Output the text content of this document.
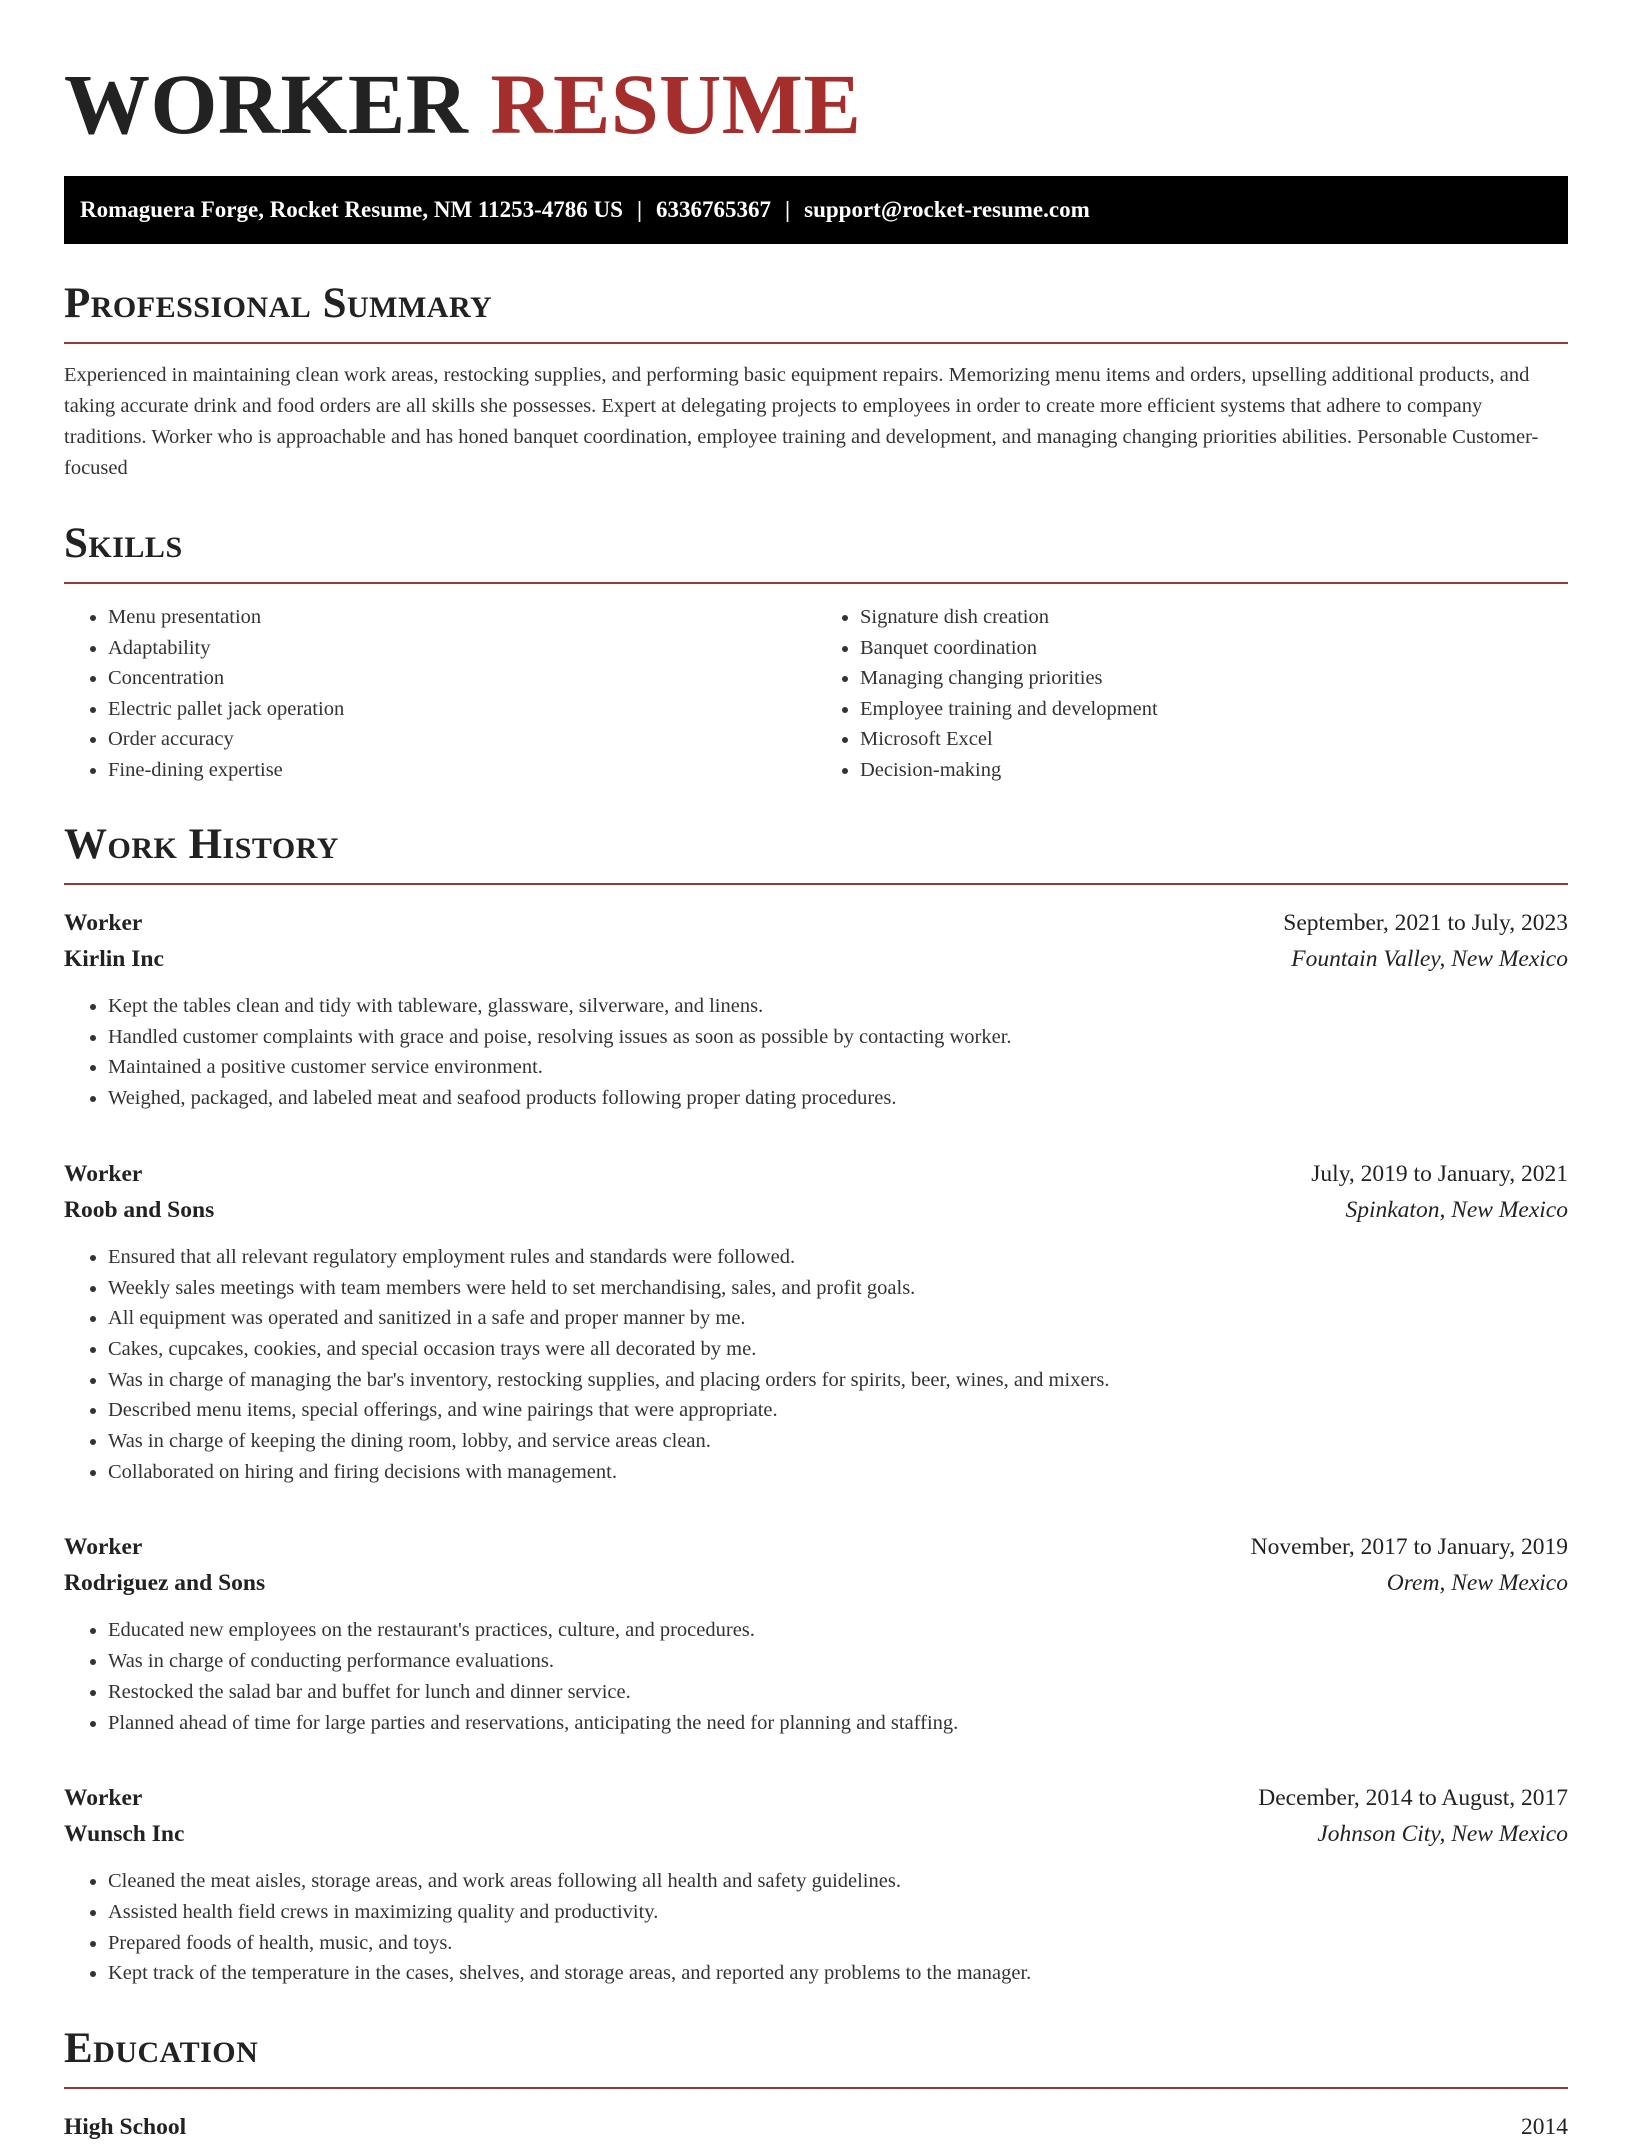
WORKER RESUME
Romaguera Forge, Rocket Resume, NM 11253-4786 US | 6336765367 | support@rocket-resume.com
Professional Summary

Experienced in maintaining clean work areas, restocking supplies, and performing basic equipment repairs. Memorizing menu items and orders, upselling additional products, and taking accurate drink and food orders are all skills she possesses. Expert at delegating projects to employees in order to create more efficient systems that adhere to company traditions. Worker who is approachable and has honed banquet coordination, employee training and development, and managing changing priorities abilities. Personable Customer-focused

Skills
• Menu presentation
• Adaptability
• Concentration
• Electric pallet jack operation
• Order accuracy
• Fine-dining expertise
• Signature dish creation
• Banquet coordination
• Managing changing priorities
• Employee training and development
• Microsoft Excel
• Decision-making
Work History
Worker	September, 2021 to July, 2023
Kirlin Inc	Fountain Valley, New Mexico
• Kept the tables clean and tidy with tableware, glassware, silverware, and linens.
• Handled customer complaints with grace and poise, resolving issues as soon as possible by contacting worker.
• Maintained a positive customer service environment.
• Weighed, packaged, and labeled meat and seafood products following proper dating procedures.
Worker	July, 2019 to January, 2021
Roob and Sons	Spinkaton, New Mexico
• Ensured that all relevant regulatory employment rules and standards were followed.
• Weekly sales meetings with team members were held to set merchandising, sales, and profit goals.
• All equipment was operated and sanitized in a safe and proper manner by me.
• Cakes, cupcakes, cookies, and special occasion trays were all decorated by me.
• Was in charge of managing the bar's inventory, restocking supplies, and placing orders for spirits, beer, wines, and mixers.
• Described menu items, special offerings, and wine pairings that were appropriate.
• Was in charge of keeping the dining room, lobby, and service areas clean.
• Collaborated on hiring and firing decisions with management.
Worker	November, 2017 to January, 2019
Rodriguez and Sons	Orem, New Mexico
• Educated new employees on the restaurant's practices, culture, and procedures.
• Was in charge of conducting performance evaluations.
• Restocked the salad bar and buffet for lunch and dinner service.
• Planned ahead of time for large parties and reservations, anticipating the need for planning and staffing.
Worker	December, 2014 to August, 2017
Wunsch Inc	Johnson City, New Mexico
• Cleaned the meat aisles, storage areas, and work areas following all health and safety guidelines.
• Assisted health field crews in maximizing quality and productivity.
• Prepared foods of health, music, and toys.
• Kept track of the temperature in the cases, shelves, and storage areas, and reported any problems to the manager.
Education
High School	2014
